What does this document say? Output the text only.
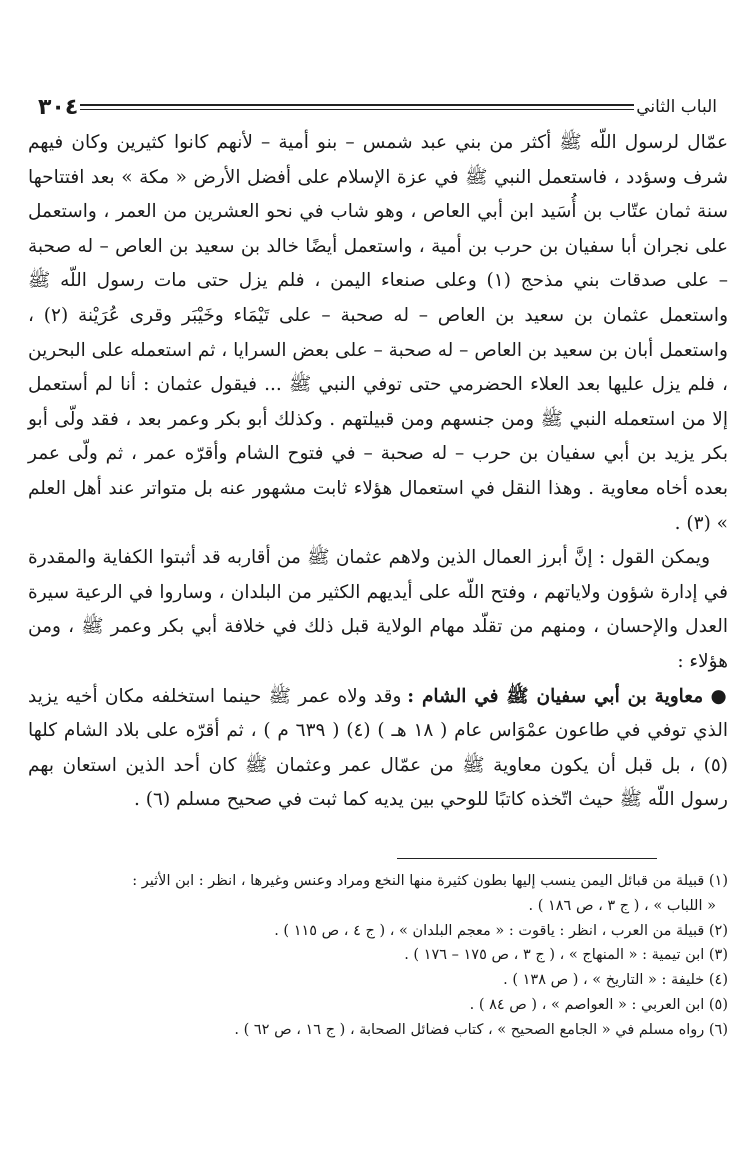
الباب الثاني
٣٠٤

عمّال لرسول اللّه ﷺ أكثر من بني عبد شمس – بنو أمية – لأنهم كانوا كثيرين وكان فيهم شرف وسؤدد ، فاستعمل النبي ﷺ في عزة الإسلام على أفضل الأرض « مكة » بعد افتتاحها سنة ثمان عتّاب بن أُسَيد ابن أبي العاص ، وهو شاب في نحو العشرين من العمر ، واستعمل على نجران أبا سفيان بن حرب بن أمية ، واستعمل أيضًا خالد بن سعيد بن العاص – له صحبة – على صدقات بني مذحج (١) وعلى صنعاء اليمن ، فلم يزل حتى مات رسول اللّه ﷺ واستعمل عثمان بن سعيد بن العاص – له صحبة – على تَيْمَاء وخَيْبَر وقرى عُرَيْنة (٢) ، واستعمل أبان بن سعيد بن العاص – له صحبة – على بعض السرايا ، ثم استعمله على البحرين ، فلم يزل عليها بعد العلاء الحضرمي حتى توفي النبي ﷺ ... فيقول عثمان : أنا لم أستعمل إلا من استعمله النبي ﷺ ومن جنسهم ومن قبيلتهم . وكذلك أبو بكر وعمر بعد ، فقد ولّى أبو بكر يزيد بن أبي سفيان بن حرب – له صحبة – في فتوح الشام وأقرّه عمر ، ثم ولّى عمر بعده أخاه معاوية . وهذا النقل في استعمال هؤلاء ثابت مشهور عنه بل متواتر عند أهل العلم » (٣) .

ويمكن القول : إنَّ أبرز العمال الذين ولاهم عثمان ﷺ من أقاربه قد أثبتوا الكفاية والمقدرة في إدارة شؤون ولاياتهم ، وفتح اللّه على أيديهم الكثير من البلدان ، وساروا في الرعية سيرة العدل والإحسان ، ومنهم من تقلّد مهام الولاية قبل ذلك في خلافة أبي بكر وعمر ﷺ ، ومن هؤلاء :

● معاوية بن أبي سفيان ﷺ في الشام : وقد ولاه عمر ﷺ حينما استخلفه مكان أخيه يزيد الذي توفي في طاعون عمْوَاس عام ( ١٨ هـ ) (٤) ( ٦٣٩ م ) ، ثم أقرّه على بلاد الشام كلها (٥) ، بل قبل أن يكون معاوية ﷺ من عمّال عمر وعثمان ﷺ كان أحد الذين استعان بهم رسول اللّه ﷺ حيث اتّخذه كاتبًا للوحي بين يديه كما ثبت في صحيح مسلم (٦) .

(١) قبيلة من قبائل اليمن ينسب إليها بطون كثيرة منها النخع ومراد وعنس وغيرها ، انظر : ابن الأثير :

« اللباب » ، ( ج ٣ ، ص ١٨٦ ) .

(٢) قبيلة من العرب ، انظر : ياقوت : « معجم البلدان » ، ( ج ٤ ، ص ١١٥ ) .

(٣) ابن تيمية : « المنهاج » ، ( ج ٣ ، ص ١٧٥ – ١٧٦ ) .

(٤) خليفة : « التاريخ » ، ( ص ١٣٨ ) .

(٥) ابن العربي : « العواصم » ، ( ص ٨٤ ) .

(٦) رواه مسلم في « الجامع الصحيح » ، كتاب فضائل الصحابة ، ( ج ١٦ ، ص ٦٢ ) .
